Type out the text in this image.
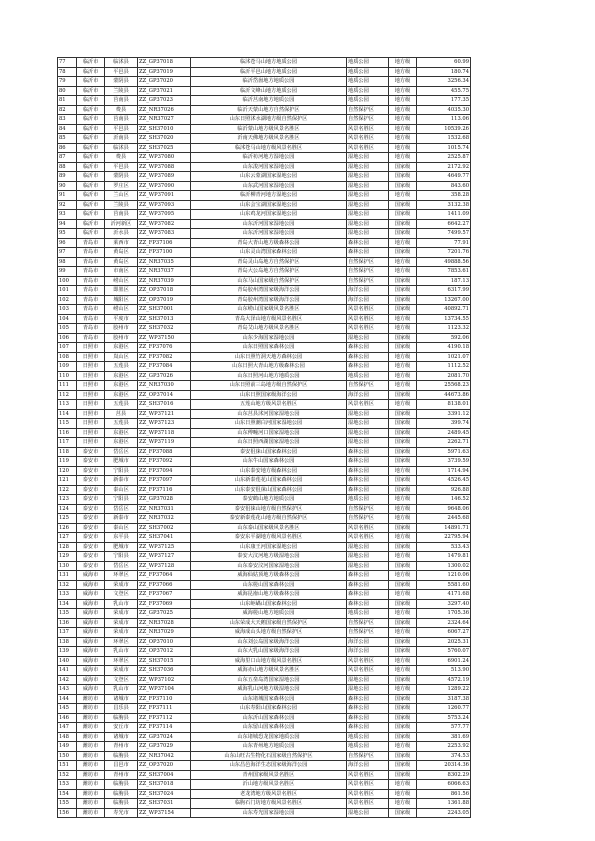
77	临沂市	临沭县	ZZ_GP37018	临沭苍马山地方地质公园	地质公园	地方级	60.99
78	临沂市	平邑县	ZZ_GP37019	临沂平邑山地方地质公园	地质公园	地方级	180.74
79	临沂市	蒙阴县	ZZ_GP37020	临沂岱崮地方地质公园	地质公园	地方级	3256.34
80	临沂市	兰陵县	ZZ_GP37021	临沂文峰山地方地质公园	地质公园	地方级	455.75
81	临沂市	莒南县	ZZ_GP37023	临沂莒南地方地质公园	地质公园	地方级	177.35
82	临沂市	费县	ZZ_NR37026	临沂天蒙山地方自然保护区	自然保护区	地方级	4035.30
83	临沂市	莒南县	ZZ_NR37027	山东日照沭水湖地方级自然保护区	自然保护区	地方级	113.06
84	临沂市	平邑县	ZZ_SH37010	临沂蒙山地方级风景名胜区	风景名胜区	地方级	10539.26
85	临沂市	沂南县	ZZ_SH37020	沂南天佛地方级风景名胜区	风景名胜区	地方级	1532.68
86	临沂市	临沭县	ZZ_SH37025	临沭苍马山地方级风景名胜区	风景名胜区	地方级	1015.74
87	临沂市	费县	ZZ_WP37080	临沂祊河地方湿地公园	湿地公园	地方级	2525.87
88	临沂市	平邑县	ZZ_WP37088	山东浚河国家湿地公园	湿地公园	国家级	2172.92
89	临沂市	蒙阴县	ZZ_WP37089	山东云蒙湖国家湿地公园	湿地公园	国家级	4649.77
90	临沂市	罗庄区	ZZ_WP37090	山东武河国家湿地公园	湿地公园	国家级	843.60
91	临沂市	兰山区	ZZ_WP37091	临沂柳青河地方湿地公园	湿地公园	地方级	358.28
92	临沂市	兰陵县	ZZ_WP37093	山东会宝湖国家湿地公园	湿地公园	国家级	3132.38
93	临沂市	莒南县	ZZ_WP37095	山东鸡龙河国家湿地公园	湿地公园	国家级	1411.09
94	临沂市	沂河新区	ZZ_WP37082	山东沂河国家湿地公园	湿地公园	国家级	6642.27
95	临沂市	沂水县	ZZ_WP37083	山东沂河国家湿地公园	湿地公园	国家级	7499.57
96	青岛市	莱西市	ZZ_FP37106	青岛大青山地方级森林公园	森林公园	地方级	77.91
97	青岛市	黄岛区	ZZ_FP37100	山东灵山湾国家森林公园	森林公园	国家级	7201.76
98	青岛市	黄岛区	ZZ_NR37035	青岛灵山岛地方自然保护区	自然保护区	地方级	49888.56
99	青岛市	市南区	ZZ_NR37037	青岛大公岛地方自然保护区	自然保护区	地方级	7853.61
100	青岛市	崂山区	ZZ_NR37039	山东马山国家级自然保护区	自然保护区	国家级	187.13
101	青岛市	即墨区	ZZ_OP37018	青岛胶州湾国家级海洋公园	海洋公园	国家级	6317.99
102	青岛市	城阳区	ZZ_OP37019	青岛胶州湾国家级海洋公园	海洋公园	国家级	13267.00
103	青岛市	崂山区	ZZ_SH37001	山东崂山国家级风景名胜区	风景名胜区	国家级	40892.71
104	青岛市	平度市	ZZ_SH37013	青岛大泽山地方级风景名胜区	风景名胜区	地方级	13734.55
105	青岛市	胶州市	ZZ_SH37032	青岛艾山地方级风景名胜区	风景名胜区	地方级	1123.32
106	青岛市	胶州市	ZZ_WP37150	山东少海国家湿地公园	湿地公园	国家级	592.06
107	日照市	东港区	ZZ_FP37076	山东日照国家森林公园	森林公园	国家级	4190.18
108	日照市	岚山区	ZZ_FP37082	山东日照竹洞天地方森林公园	森林公园	地方级	1021.07
109	日照市	五莲县	ZZ_FP37084	山东日照大青山地方级森林公园	森林公园	地方级	1112.52
110	日照市	东港区	ZZ_GP37026	山东日照河山地方地质公园	地质公园	地方级	2081.70
111	日照市	东港区	ZZ_NR37030	山东日照前三岛地方级自然保护区	自然保护区	地方级	25568.23
112	日照市	东港区	ZZ_OP37014	山东日照国家级海洋公园	海洋公园	国家级	44673.86
113	日照市	五莲县	ZZ_SH37016	五莲山地方级风景名胜区	风景名胜区	地方级	8138.01
114	日照市	莒县	ZZ_WP37121	山东莒县沭河国家湿地公园	湿地公园	国家级	3391.12
115	日照市	五莲县	ZZ_WP37123	山东日照潮白河国家湿地公园	湿地公园	国家级	399.74
116	日照市	东港区	ZZ_WP37118	山东傅疃河口国家湿地公园	湿地公园	国家级	2489.45
117	日照市	东港区	ZZ_WP37119	山东日照西湖国家湿地公园	湿地公园	国家级	2262.71
118	泰安市	岱岳区	ZZ_FP37088	泰安徂徕山国家森林公园	森林公园	国家级	5971.63
119	泰安市	肥城市	ZZ_FP37092	山东牛山国家森林公园	森林公园	国家级	3739.59
120	泰安市	宁阳县	ZZ_FP37094	山东泰安地方级森林公园	森林公园	地方级	1714.94
121	泰安市	新泰市	ZZ_FP37097	山东新泰莲花山国家森林公园	森林公园	国家级	4526.45
122	泰安市	泰山区	ZZ_FP37116	山东泰安徂徕山国家森林公园	森林公园	国家级	926.88
123	泰安市	宁阳县	ZZ_GP37028	泰安鹤山地方地质公园	地质公园	地方级	146.52
124	泰安市	岱岳区	ZZ_NR37031	泰安徂徕山地方级自然保护区	自然保护区	地方级	9648.06
125	泰安市	新泰市	ZZ_NR37032	泰安新泰莲花山地方级自然保护区	自然保护区	地方级	2445.68
126	泰安市	泰山区	ZZ_SH37002	山东泰山国家级风景名胜区	风景名胜区	国家级	14891.71
127	泰安市	东平县	ZZ_SH37041	泰安东平湖地方级风景名胜区	风景名胜区	地方级	22795.94
128	泰安市	肥城市	ZZ_WP37125	山东康王河国家湿地公园	湿地公园	国家级	533.43
129	泰安市	宁阳县	ZZ_WP37127	泰安大汶河地方级湿地公园	湿地公园	地方级	1479.81
130	泰安市	岱岳区	ZZ_WP37128	山东泰安汶河国家湿地公园	湿地公园	国家级	1300.02
131	威海市	环翠区	ZZ_FP37064	威海仙姑顶地方级森林公园	森林公园	地方级	1210.06
132	威海市	荣成市	ZZ_FP37066	山东槎山国家森林公园	森林公园	国家级	5581.60
133	威海市	文登区	ZZ_FP37067	威海昆嵛山地方级森林公园	森林公园	地方级	4171.68
134	威海市	乳山市	ZZ_FP37069	山东岠嵎山国家森林公园	森林公园	国家级	3297.40
135	威海市	荣成市	ZZ_GP37025	威海槎山地方地质公园	地质公园	地方级	1705.36
136	威海市	荣成市	ZZ_NR37028	山东荣成大天鹅国家级自然保护区	自然保护区	国家级	2324.64
137	威海市	荣成市	ZZ_NR37029	威海成山头地方级自然保护区	自然保护区	地方级	6067.27
138	威海市	环翠区	ZZ_OP37010	山东刘公岛国家级海洋公园	海洋公园	国家级	2025.31
139	威海市	乳山市	ZZ_OP37012	山东大乳山国家级海洋公园	海洋公园	国家级	5760.07
140	威海市	环翠区	ZZ_SH37015	威海里口山地方级风景名胜区	风景名胜区	地方级	6901.24
141	威海市	荣成市	ZZ_SH37036	威海赤山地方级风景名胜区	风景名胜区	地方级	513.90
142	威海市	文登区	ZZ_WP37102	山东五垒岛湾国家湿地公园	湿地公园	国家级	4572.19
143	威海市	乳山市	ZZ_WP37104	威海乳山河地方级湿地公园	湿地公园	地方级	1289.22
144	潍坊市	诸城市	ZZ_FP37110	山东诸城国家森林公园	森林公园	国家级	3187.38
145	潍坊市	昌乐县	ZZ_FP37111	山东寿阳山国家森林公园	森林公园	国家级	1260.77
146	潍坊市	临朐县	ZZ_FP37112	山东沂山国家森林公园	森林公园	国家级	5753.24
147	潍坊市	安丘市	ZZ_FP37114	山东留山国家森林公园	森林公园	国家级	577.77
148	潍坊市	诸城市	ZZ_GP37024	山东诸城恐龙国家地质公园	地质公园	国家级	381.69
149	潍坊市	青州市	ZZ_GP37029	山东青州地方地质公园	地质公园	地方级	2253.92
150	潍坊市	临朐县	ZZ_NR37042	山东山旺古生物化石国家级自然保护区	自然保护区	国家级	374.53
151	潍坊市	昌邑市	ZZ_OP37020	山东昌邑海洋生态国家级海洋公园	海洋公园	国家级	20314.36
152	潍坊市	青州市	ZZ_SH37004	青州国家级风景名胜区	风景名胜区	国家级	8302.29
153	潍坊市	临朐县	ZZ_SH37018	沂山地方级风景名胜区	风景名胜区	地方级	6066.63
154	潍坊市	临朐县	ZZ_SH37024	老龙湾地方级风景名胜区	风景名胜区	地方级	861.56
155	潍坊市	临朐县	ZZ_SH37031	临朐石门坊地方级风景名胜区	风景名胜区	地方级	1361.88
156	潍坊市	寿光市	ZZ_WP37154	山东寿光国家湿地公园	湿地公园	国家级	2243.05
